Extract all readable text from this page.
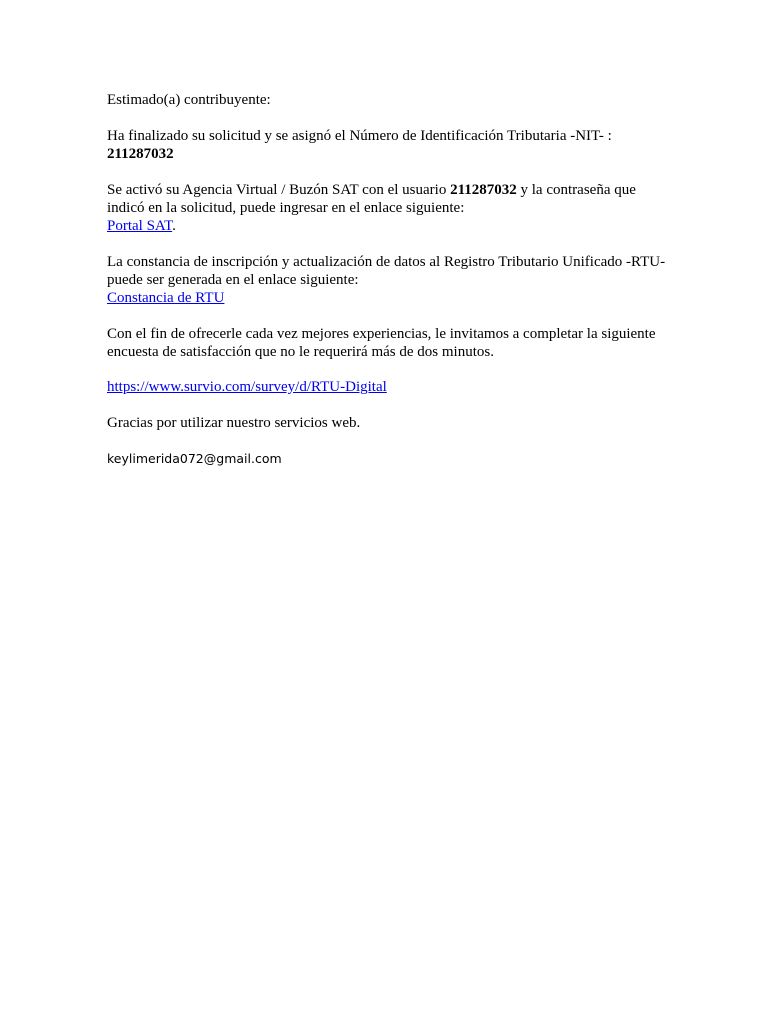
Estimado(a) contribuyente:

Ha finalizado su solicitud y se asignó el Número de Identificación Tributaria -NIT- :
211287032

Se activó su Agencia Virtual / Buzón SAT con el usuario 211287032 y la contraseña que indicó en la solicitud, puede ingresar en el enlace siguiente:
Portal SAT.

La constancia de inscripción y actualización de datos al Registro Tributario Unificado -RTU- puede ser generada en el enlace siguiente:
Constancia de RTU

Con el fin de ofrecerle cada vez mejores experiencias, le invitamos a completar la siguiente encuesta de satisfacción que no le requerirá más de dos minutos.

https://www.survio.com/survey/d/RTU-Digital

Gracias por utilizar nuestro servicios web.

keylimerida072@gmail.com
